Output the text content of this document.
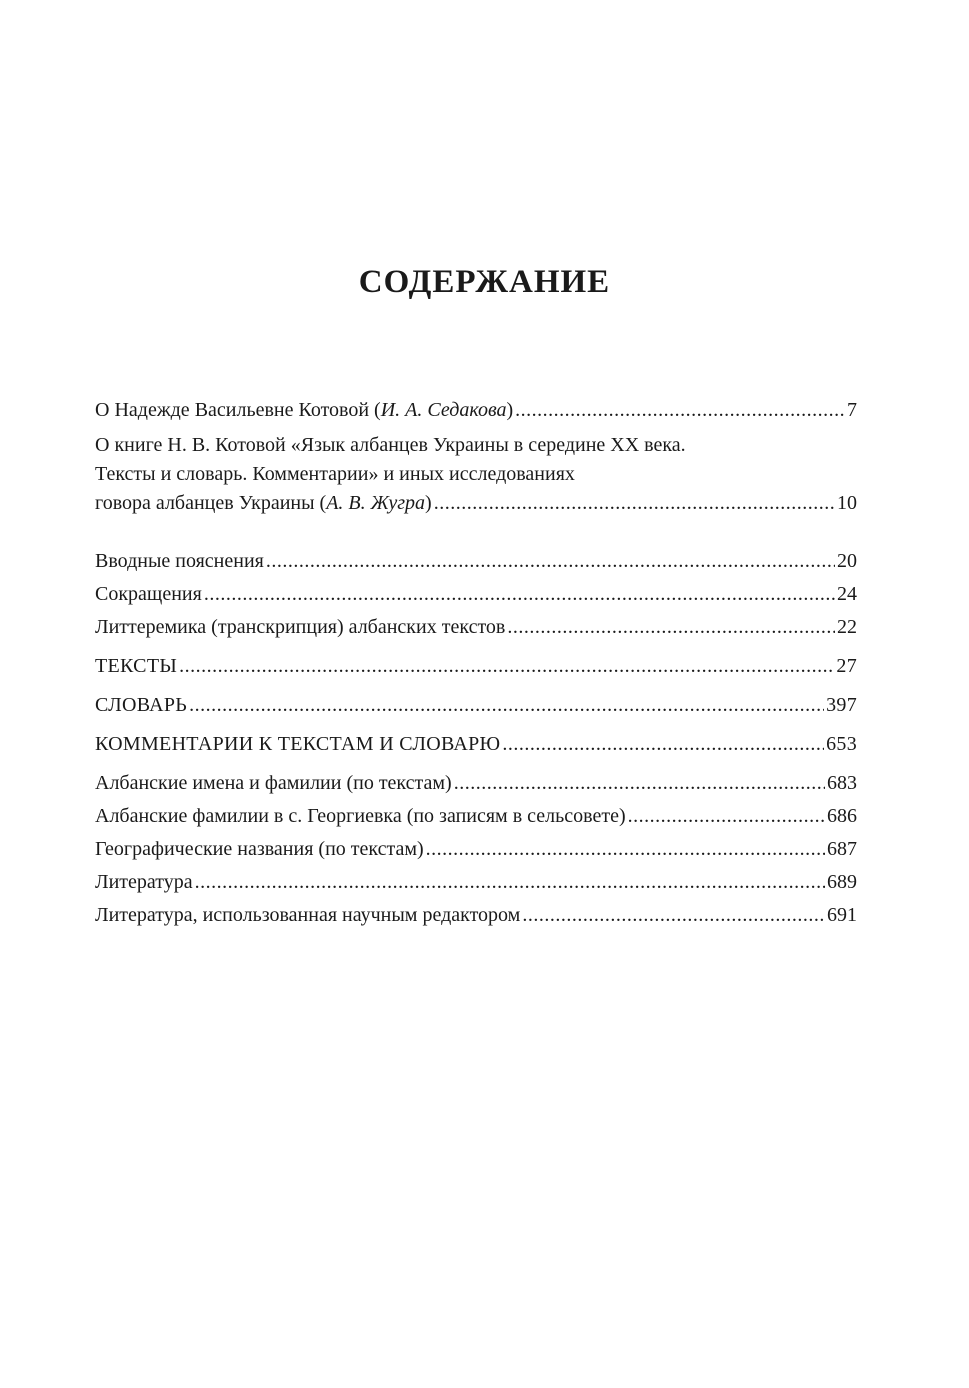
СОДЕРЖАНИЕ
О Надежде Васильевне Котовой (И. А. Седакова) .....	7
О книге Н. В. Котовой «Язык албанцев Украины в середине XX века.
Тексты и словарь. Комментарии» и иных исследованиях
говора албанцев Украины (А. В. Жугра) .....	10
Вводные пояснения .....	20
Сокращения .....	24
Литтеремика (транскрипция) албанских текстов .....	22
ТЕКСТЫ .....	27
СЛОВАРЬ .....	397
КОММЕНТАРИИ К ТЕКСТАМ И СЛОВАРЮ .....	653
Албанские имена и фамилии (по текстам) .....	683
Албанские фамилии в с. Георгиевка (по записям в сельсовете) .....	686
Географические названия (по текстам) .....	687
Литература .....	689
Литература, использованная научным редактором .....	691
